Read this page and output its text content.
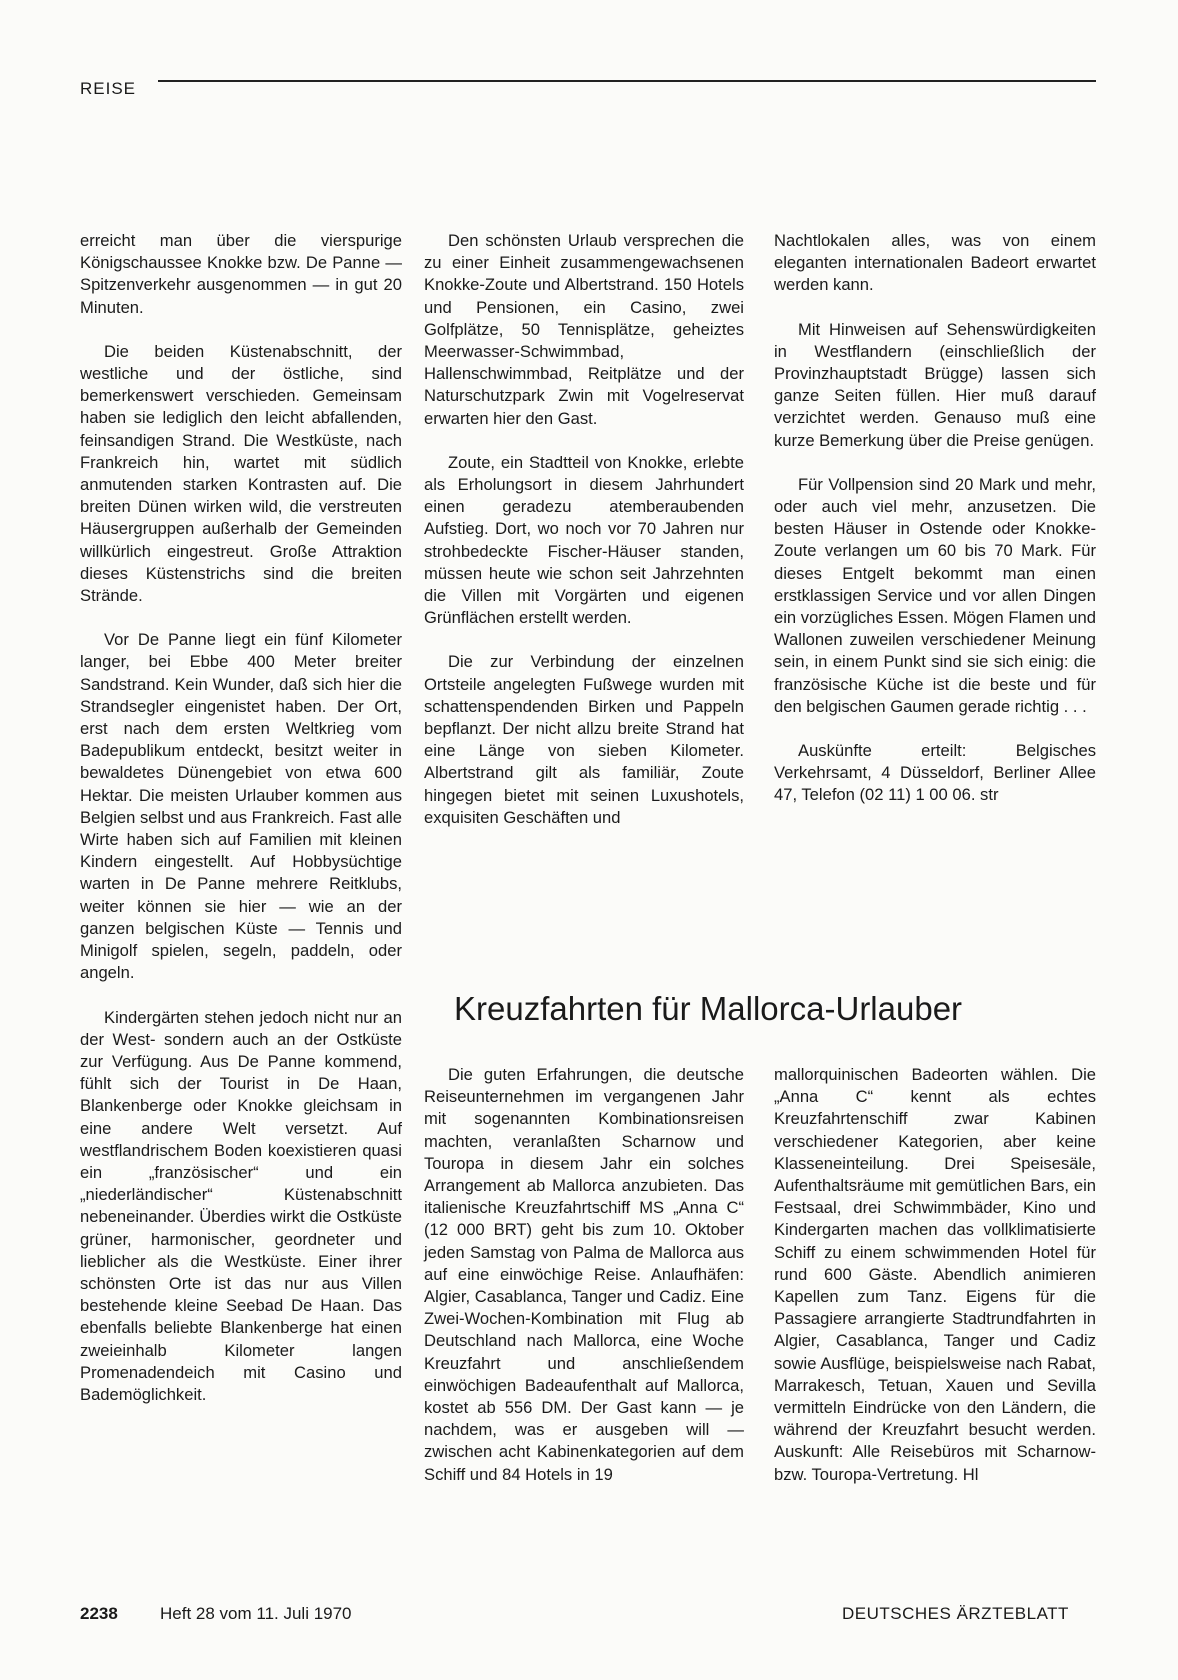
REISE

erreicht man über die vierspurige Königschaussee Knokke bzw. De Panne — Spitzenverkehr ausgenommen — in gut 20 Minuten.

Die beiden Küstenabschnitt, der westliche und der östliche, sind bemerkenswert verschieden. Gemeinsam haben sie lediglich den leicht abfallenden, feinsandigen Strand. Die Westküste, nach Frankreich hin, wartet mit südlich anmutenden starken Kontrasten auf. Die breiten Dünen wirken wild, die verstreuten Häusergruppen außerhalb der Gemeinden willkürlich eingestreut. Große Attraktion dieses Küstenstrichs sind die breiten Strände.

Vor De Panne liegt ein fünf Kilometer langer, bei Ebbe 400 Meter breiter Sandstrand. Kein Wunder, daß sich hier die Strandsegler eingenistet haben. Der Ort, erst nach dem ersten Weltkrieg vom Badepublikum entdeckt, besitzt weiter in bewaldetes Dünengebiet von etwa 600 Hektar. Die meisten Urlauber kommen aus Belgien selbst und aus Frankreich. Fast alle Wirte haben sich auf Familien mit kleinen Kindern eingestellt. Auf Hobbysüchtige warten in De Panne mehrere Reitklubs, weiter können sie hier — wie an der ganzen belgischen Küste — Tennis und Minigolf spielen, segeln, paddeln, oder angeln.

Kindergärten stehen jedoch nicht nur an der West- sondern auch an der Ostküste zur Verfügung. Aus De Panne kommend, fühlt sich der Tourist in De Haan, Blankenberge oder Knokke gleichsam in eine andere Welt versetzt. Auf westflandrischem Boden koexistieren quasi ein „französischer“ und ein „niederländischer“ Küstenabschnitt nebeneinander. Überdies wirkt die Ostküste grüner, harmonischer, geordneter und lieblicher als die Westküste. Einer ihrer schönsten Orte ist das nur aus Villen bestehende kleine Seebad De Haan. Das ebenfalls beliebte Blankenberge hat einen zweieinhalb Kilometer langen Promenadendeich mit Casino und Bademöglichkeit.

Den schönsten Urlaub versprechen die zu einer Einheit zusammengewachsenen Knokke-Zoute und Albertstrand. 150 Hotels und Pensionen, ein Casino, zwei Golfplätze, 50 Tennisplätze, geheiztes Meerwasser-Schwimmbad, Hallenschwimmbad, Reitplätze und der Naturschutzpark Zwin mit Vogelreservat erwarten hier den Gast.

Zoute, ein Stadtteil von Knokke, erlebte als Erholungsort in diesem Jahrhundert einen geradezu atemberaubenden Aufstieg. Dort, wo noch vor 70 Jahren nur strohbedeckte Fischer-Häuser standen, müssen heute wie schon seit Jahrzehnten die Villen mit Vorgärten und eigenen Grünflächen erstellt werden.

Die zur Verbindung der einzelnen Ortsteile angelegten Fußwege wurden mit schattenspendenden Birken und Pappeln bepflanzt. Der nicht allzu breite Strand hat eine Länge von sieben Kilometer. Albertstrand gilt als familiär, Zoute hingegen bietet mit seinen Luxushotels, exquisiten Geschäften und

Nachtlokalen alles, was von einem eleganten internationalen Badeort erwartet werden kann.

Mit Hinweisen auf Sehenswürdigkeiten in Westflandern (einschließlich der Provinzhauptstadt Brügge) lassen sich ganze Seiten füllen. Hier muß darauf verzichtet werden. Genauso muß eine kurze Bemerkung über die Preise genügen.

Für Vollpension sind 20 Mark und mehr, oder auch viel mehr, anzusetzen. Die besten Häuser in Ostende oder Knokke-Zoute verlangen um 60 bis 70 Mark. Für dieses Entgelt bekommt man einen erstklassigen Service und vor allen Dingen ein vorzügliches Essen. Mögen Flamen und Wallonen zuweilen verschiedener Meinung sein, in einem Punkt sind sie sich einig: die französische Küche ist die beste und für den belgischen Gaumen gerade richtig . . .

Auskünfte erteilt: Belgisches Verkehrsamt, 4 Düsseldorf, Berliner Allee 47, Telefon (02 11) 1 00 06. str

Kreuzfahrten für Mallorca-Urlauber

Die guten Erfahrungen, die deutsche Reiseunternehmen im vergangenen Jahr mit sogenannten Kombinationsreisen machten, veranlaßten Scharnow und Touropa in diesem Jahr ein solches Arrangement ab Mallorca anzubieten. Das italienische Kreuzfahrtschiff MS „Anna C“ (12 000 BRT) geht bis zum 10. Oktober jeden Samstag von Palma de Mallorca aus auf eine einwöchige Reise. Anlaufhäfen: Algier, Casablanca, Tanger und Cadiz. Eine Zwei-Wochen-Kombination mit Flug ab Deutschland nach Mallorca, eine Woche Kreuzfahrt und anschließendem einwöchigen Badeaufenthalt auf Mallorca, kostet ab 556 DM. Der Gast kann — je nachdem, was er ausgeben will — zwischen acht Kabinenkategorien auf dem Schiff und 84 Hotels in 19

mallorquinischen Badeorten wählen. Die „Anna C“ kennt als echtes Kreuzfahrtenschiff zwar Kabinen verschiedener Kategorien, aber keine Klasseneinteilung. Drei Speisesäle, Aufenthaltsräume mit gemütlichen Bars, ein Festsaal, drei Schwimmbäder, Kino und Kindergarten machen das vollklimatisierte Schiff zu einem schwimmenden Hotel für rund 600 Gäste. Abendlich animieren Kapellen zum Tanz. Eigens für die Passagiere arrangierte Stadtrundfahrten in Algier, Casablanca, Tanger und Cadiz sowie Ausflüge, beispielsweise nach Rabat, Marrakesch, Tetuan, Xauen und Sevilla vermitteln Eindrücke von den Ländern, die während der Kreuzfahrt besucht werden. Auskunft: Alle Reisebüros mit Scharnow- bzw. Touropa-Vertretung. Hl

2238 Heft 28 vom 11. Juli 1970	DEUTSCHES ÄRZTEBLATT
